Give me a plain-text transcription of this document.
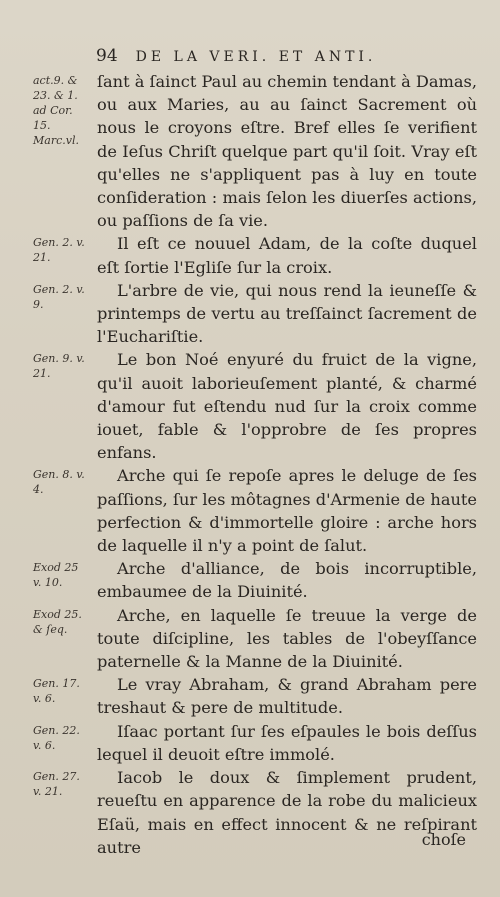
94 DE LA VERI. ET ANTI.
act.9. &
23. & 1.
ad Cor.
15.
Marc.vl.
ſant à ſainct Paul au chemin tendant à Damas, ou aux Maries, au au ſainct Sacrement où nous le croyons eſtre. Bref elles ſe verifient de Ieſus Chriſt quelque part qu'il ſoit. Vray eſt qu'elles ne s'appliquent pas à luy en toute conſideration : mais ſelon les diuerſes actions, ou paſſions de ſa vie.
Gen. 2. v.
21.
Il eſt ce nouuel Adam, de la coſte duquel eſt ſortie l'Egliſe ſur la croix.
Gen. 2. v.
9.
L'arbre de vie, qui nous rend la ieuneſſe & printemps de vertu au treſſainct ſacrement de l'Euchariſtie.
Gen. 9. v.
21.
Le bon Noé enyuré du fruict de la vigne, qu'il auoit laborieuſement planté, & charmé d'amour fut eſtendu nud ſur la croix comme iouet, fable & l'opprobre de ſes propres enfans.
Gen. 8. v.
4.
Arche qui ſe repoſe apres le deluge de ſes paſſions, ſur les môtagnes d'Armenie de haute perfection & d'immortelle gloire : arche hors de laquelle il n'y a point de ſalut.
Exod 25
v. 10.
Arche d'alliance, de bois incorruptible, embaumee de la Diuinité.
Exod 25.
& ſeq.
Arche, en laquelle ſe treuue la verge de toute diſcipline, les tables de l'obeyſſance paternelle & la Manne de la Diuinité.
Gen. 17.
v. 6.
Le vray Abraham, & grand Abraham pere treshaut & pere de multitude.
Gen. 22.
v. 6.
Iſaac portant ſur ſes eſpaules le bois deſſus lequel il deuoit eſtre immolé.
Gen. 27.
v. 21.
Iacob le doux & ſimplement prudent, reueſtu en apparence de la robe du malicieux Eſaü, mais en effect innocent & ne reſpirant autre	choſe
